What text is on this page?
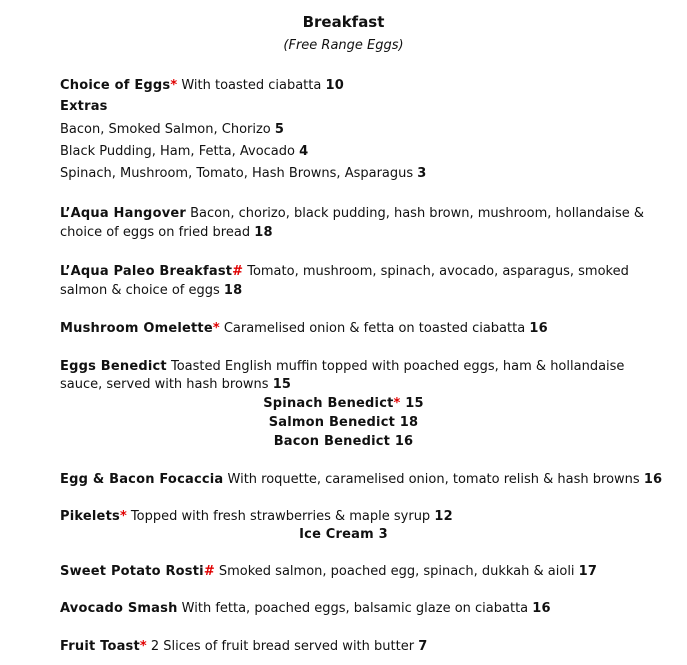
Breakfast
(Free Range Eggs)
Choice of Eggs* With toasted ciabatta 10
Extras
Bacon, Smoked Salmon, Chorizo 5
Black Pudding, Ham, Fetta, Avocado 4
Spinach, Mushroom, Tomato, Hash Browns, Asparagus 3
L’Aqua Hangover Bacon, chorizo, black pudding, hash brown, mushroom, hollandaise &
choice of eggs on fried bread 18
L’Aqua Paleo Breakfast# Tomato, mushroom, spinach, avocado, asparagus, smoked
salmon & choice of eggs 18
Mushroom Omelette* Caramelised onion & fetta on toasted ciabatta 16
Eggs Benedict Toasted English muffin topped with poached eggs, ham & hollandaise
sauce, served with hash browns 15
Spinach Benedict* 15
Salmon Benedict 18
Bacon Benedict 16
Egg & Bacon Focaccia With roquette, caramelised onion, tomato relish & hash browns 16
Pikelets* Topped with fresh strawberries & maple syrup 12
Ice Cream 3
Sweet Potato Rosti# Smoked salmon, poached egg, spinach, dukkah & aioli 17
Avocado Smash With fetta, poached eggs, balsamic glaze on ciabatta 16
Fruit Toast* 2 Slices of fruit bread served with butter 7
